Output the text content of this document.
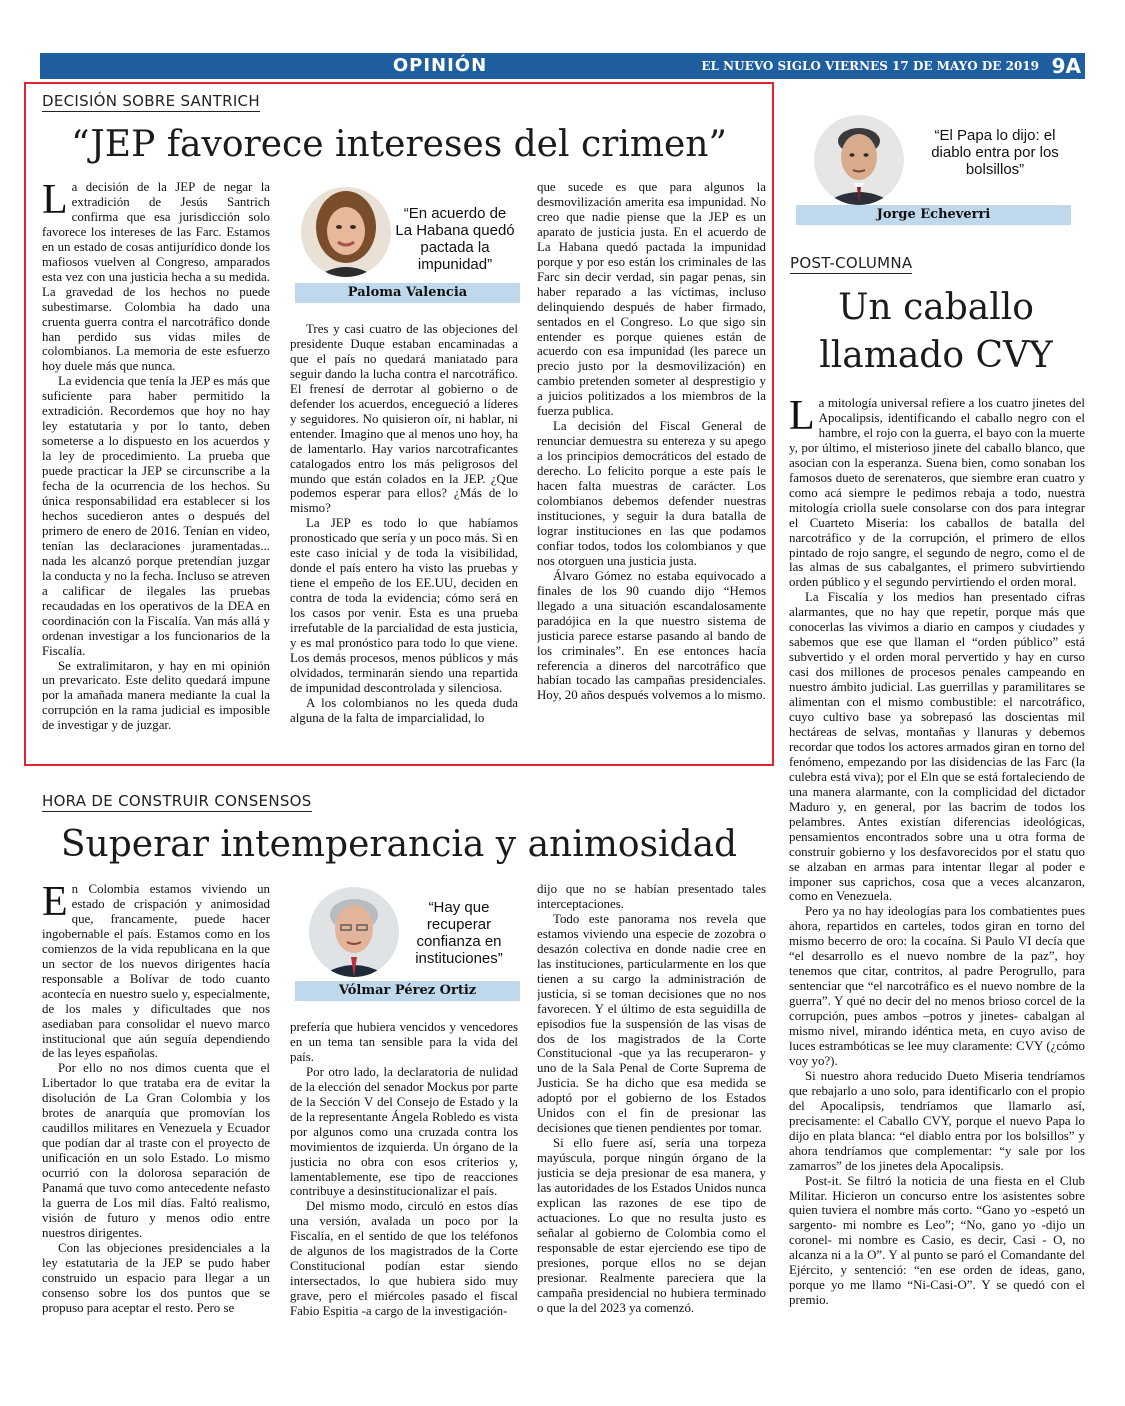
OPINIÓN	EL NUEVO SIGLO VIERNES 17 DE MAYO DE 2019 9A
DECISIÓN SOBRE SANTRICH
“JEP favorece intereses del crimen”

La decisión de la JEP de negar la extradición de Jesús Santrich confirma que esa jurisdicción solo favorece los intereses de las Farc. Estamos en un estado de cosas antijurídico donde los mafiosos vuelven al Congreso, amparados esta vez con una justicia hecha a su medida. La gravedad de los hechos no puede subestimarse. Colombia ha dado una cruenta guerra contra el narcotráfico donde han perdido sus vidas miles de colombianos. La memoria de este esfuerzo hoy duele más que nunca.

La evidencia que tenía la JEP es más que suficiente para haber permitido la extradición. Recordemos que hoy no hay ley estatutaria y por lo tanto, deben someterse a lo dispuesto en los acuerdos y la ley de procedimiento. La prueba que puede practicar la JEP se circunscribe a la fecha de la ocurrencia de los hechos. Su única responsabilidad era establecer si los hechos sucedieron antes o después del primero de enero de 2016. Tenían en video, tenían las declaraciones juramentadas... nada les alcanzó porque pretendían juzgar la conducta y no la fecha. Incluso se atreven a calificar de ilegales las pruebas recaudadas en los operativos de la DEA en coordinación con la Fiscalía. Van más allá y ordenan investigar a los funcionarios de la Fiscalía.

Se extralimitaron, y hay en mi opinión un prevaricato. Este delito quedará impune por la amañada manera mediante la cual la corrupción en la rama judicial es imposible de investigar y de juzgar.

“En acuerdo de La Habana quedó pactada la impunidad”
Paloma Valencia

Tres y casi cuatro de las objeciones del presidente Duque estaban encaminadas a que el país no quedará maniatado para seguir dando la lucha contra el narcotráfico. El frenesí de derrotar al gobierno o de defender los acuerdos, encegueció a líderes y seguidores. No quisieron oír, ni hablar, ni entender. Imagino que al menos uno hoy, ha de lamentarlo. Hay varios narcotraficantes catalogados entro los más peligrosos del mundo que están colados en la JEP. ¿Que podemos esperar para ellos? ¿Más de lo mismo?

La JEP es todo lo que habíamos pronosticado que sería y un poco más. Si en este caso inicial y de toda la visibilidad, donde el país entero ha visto las pruebas y tiene el empeño de los EE.UU, deciden en contra de toda la evidencia; cómo será en los casos por venir. Esta es una prueba irrefutable de la parcialidad de esta justicia, y es mal pronóstico para todo lo que viene. Los demás procesos, menos públicos y más olvidados, terminarán siendo una repartida de impunidad descontrolada y silenciosa.

A los colombianos no les queda duda alguna de la falta de imparcialidad, lo

que sucede es que para algunos la desmovilización amerita esa impunidad. No creo que nadie piense que la JEP es un aparato de justicia justa. En el acuerdo de La Habana quedó pactada la impunidad porque y por eso están los criminales de las Farc sin decir verdad, sin pagar penas, sin haber reparado a las víctimas, incluso delinquiendo después de haber firmado, sentados en el Congreso. Lo que sigo sin entender es porque quienes están de acuerdo con esa impunidad (les parece un precio justo por la desmovilización) en cambio pretenden someter al desprestigio y a juicios politizados a los miembros de la fuerza publica.

La decisión del Fiscal General de renunciar demuestra su entereza y su apego a los principios democráticos del estado de derecho. Lo felicito porque a este país le hacen falta muestras de carácter. Los colombianos debemos defender nuestras instituciones, y seguir la dura batalla de lograr instituciones en las que podamos confiar todos, todos los colombianos y que nos otorguen una justicia justa.

Álvaro Gómez no estaba equivocado a finales de los 90 cuando dijo “Hemos llegado a una situación escandalosamente paradójica en la que nuestro sistema de justicia parece estarse pasando al bando de los criminales”. En ese entonces hacía referencia a dineros del narcotráfico que habían tocado las campañas presidenciales. Hoy, 20 años después volvemos a lo mismo.

HORA DE CONSTRUIR CONSENSOS
Superar intemperancia y animosidad

En Colombia estamos viviendo un estado de crispación y animosidad que, francamente, puede hacer ingobernable el país. Estamos como en los comienzos de la vida republicana en la que un sector de los nuevos dirigentes hacía responsable a Bolívar de todo cuanto acontecía en nuestro suelo y, especialmente, de los males y dificultades que nos asediaban para consolidar el nuevo marco institucional que aún seguía dependiendo de las leyes españolas.

Por ello no nos dimos cuenta que el Libertador lo que trataba era de evitar la disolución de La Gran Colombia y los brotes de anarquía que promovían los caudillos militares en Venezuela y Ecuador que podían dar al traste con el proyecto de unificación en un solo Estado. Lo mismo ocurrió con la dolorosa separación de Panamá que tuvo como antecedente nefasto la guerra de Los mil días. Faltó realismo, visión de futuro y menos odio entre nuestros dirigentes.

Con las objeciones presidenciales a la ley estatutaria de la JEP se pudo haber construido un espacio para llegar a un consenso sobre los dos puntos que se propuso para aceptar el resto. Pero se

“Hay que recuperar confianza en instituciones”
Vólmar Pérez Ortiz

prefería que hubiera vencidos y vencedores en un tema tan sensible para la vida del país.

Por otro lado, la declaratoria de nulidad de la elección del senador Mockus por parte de la Sección V del Consejo de Estado y la de la representante Ángela Robledo es vista por algunos como una cruzada contra los movimientos de izquierda. Un órgano de la justicia no obra con esos criterios y, lamentablemente, ese tipo de reacciones contribuye a desinstitucionalizar el país.

Del mismo modo, circuló en estos días una versión, avalada un poco por la Fiscalía, en el sentido de que los teléfonos de algunos de los magistrados de la Corte Constitucional podían estar siendo intersectados, lo que hubiera sido muy grave, pero el miércoles pasado el fiscal Fabio Espitia -a cargo de la investigación-

dijo que no se habían presentado tales interceptaciones.

Todo este panorama nos revela que estamos viviendo una especie de zozobra o desazón colectiva en donde nadie cree en las instituciones, particularmente en los que tienen a su cargo la administración de justicia, si se toman decisiones que no nos favorecen. Y el último de esta seguidilla de episodios fue la suspensión de las visas de dos de los magistrados de la Corte Constitucional -que ya las recuperaron- y uno de la Sala Penal de Corte Suprema de Justicia. Se ha dicho que esa medida se adoptó por el gobierno de los Estados Unidos con el fin de presionar las decisiones que tienen pendientes por tomar.

Si ello fuere así, sería una torpeza mayúscula, porque ningún órgano de la justicia se deja presionar de esa manera, y las autoridades de los Estados Unidos nunca explican las razones de ese tipo de actuaciones. Lo que no resulta justo es señalar al gobierno de Colombia como el responsable de estar ejerciendo ese tipo de presiones, porque ellos no se dejan presionar. Realmente pareciera que la campaña presidencial no hubiera terminado o que la del 2023 ya comenzó.

“El Papa lo dijo: el diablo entra por los bolsillos”
Jorge Echeverri
POST-COLUMNA
Un caballo
llamado CVY

La mitología universal refiere a los cuatro jinetes del Apocalipsis, identificando el caballo negro con el hambre, el rojo con la guerra, el bayo con la muerte y, por último, el misterioso jinete del caballo blanco, que asocian con la esperanza. Suena bien, como sonaban los famosos dueto de serenateros, que siembre eran cuatro y como acá siempre le pedimos rebaja a todo, nuestra mitología criolla suele consolarse con dos para integrar el Cuarteto Miseria: los caballos de batalla del narcotráfico y de la corrupción, el primero de ellos pintado de rojo sangre, el segundo de negro, como el de las almas de sus cabalgantes, el primero subvirtiendo orden público y el segundo pervirtiendo el orden moral.

La Fiscalía y los medios han presentado cifras alarmantes, que no hay que repetir, porque más que conocerlas las vivimos a diario en campos y ciudades y sabemos que ese que llaman el “orden público” está subvertido y el orden moral pervertido y hay en curso casi dos millones de procesos penales campeando en nuestro ámbito judicial. Las guerrillas y paramilitares se alimentan con el mismo combustible: el narcotráfico, cuyo cultivo base ya sobrepasó las doscientas mil hectáreas de selvas, montañas y llanuras y debemos recordar que todos los actores armados giran en torno del fenómeno, empezando por las disidencias de las Farc (la culebra está viva); por el Eln que se está fortaleciendo de una manera alarmante, con la complicidad del dictador Maduro y, en general, por las bacrim de todos los pelambres. Antes existían diferencias ideológicas, pensamientos encontrados sobre una u otra forma de construir gobierno y los desfavorecidos por el statu quo se alzaban en armas para intentar llegar al poder e imponer sus caprichos, cosa que a veces alcanzaron, como en Venezuela.

Pero ya no hay ideologías para los combatientes pues ahora, repartidos en carteles, todos giran en torno del mismo becerro de oro: la cocaína. Si Paulo VI decía que “el desarrollo es el nuevo nombre de la paz”, hoy tenemos que citar, contritos, al padre Perogrullo, para sentenciar que “el narcotráfico es el nuevo nombre de la guerra”. Y qué no decir del no menos brioso corcel de la corrupción, pues ambos –potros y jinetes- cabalgan al mismo nivel, mirando idéntica meta, en cuyo aviso de luces estrambóticas se lee muy claramente: CVY (¿cómo voy yo?).

Si nuestro ahora reducido Dueto Miseria tendríamos que rebajarlo a uno solo, para identificarlo con el propio del Apocalipsis, tendríamos que llamarlo así, precisamente: el Caballo CVY, porque el nuevo Papa lo dijo en plata blanca: “el diablo entra por los bolsillos” y ahora tendríamos que complementar: “y sale por los zamarros” de los jinetes dela Apocalipsis.

Post-it. Se filtró la noticia de una fiesta en el Club Militar. Hicieron un concurso entre los asistentes sobre quien tuviera el nombre más corto. “Gano yo -espetó un sargento- mi nombre es Leo”; “No, gano yo -dijo un coronel- mi nombre es Casio, es decir, Casi - O, no alcanza ni a la O”. Y al punto se paró el Comandante del Ejército, y sentenció: “en ese orden de ideas, gano, porque yo me llamo “Ni-Casi-O”. Y se quedó con el premio.
